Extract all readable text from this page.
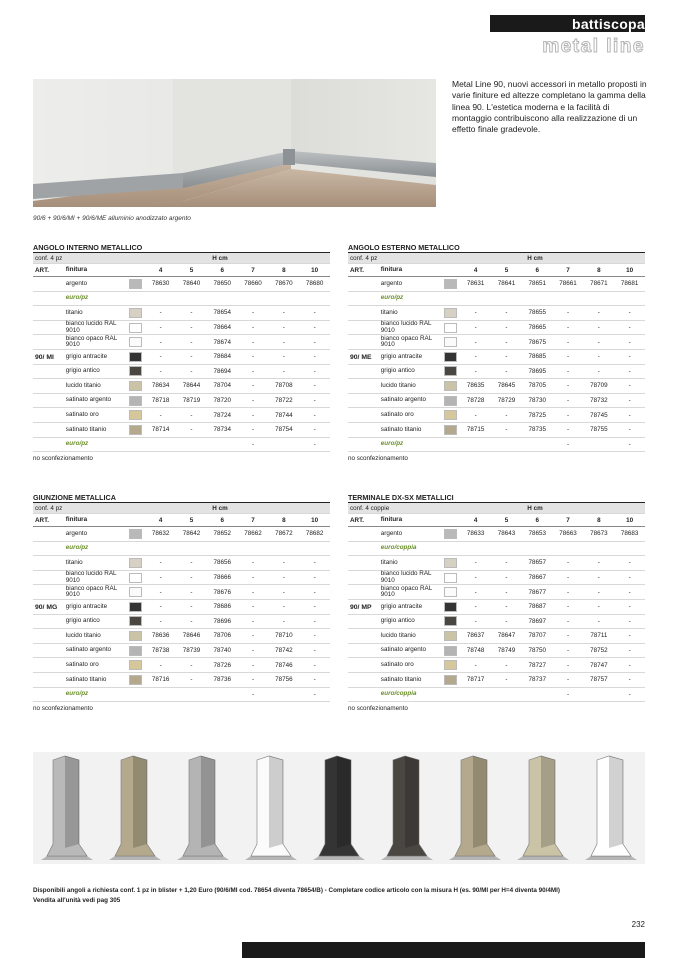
battiscopa
metal line
90/6 + 90/6/MI + 90/6/ME alluminio anodizzato argento
Metal Line 90, nuovi accessori in metallo proposti in varie finiture ed altezze completano la gamma della linea 90. L'estetica moderna e la facilità di montaggio contribuiscono alla realizzazione di un effetto finale gradevole.
ANGOLO INTERNO METALLICO
conf. 4 pz	H cm
ART.	finitura	4	5	6	7	8	10
90/ MI
argento	78630	78640	78650	78660	78670	78680
euro/pz
titanio	-	-	78654	-	-	-
bianco lucido RAL 9010	-	-	78664	-	-	-
bianco opaco RAL 9010	-	-	78674	-	-	-
grigio antracite	-	-	78684	-	-	-
grigio antico	-	-	78694	-	-	-
lucido titanio	78634	78644	78704	-	78708	-
satinato argento	78718	78719	78720	-	78722	-
satinato oro	-	-	78724	-	78744	-
satinato titanio	78714	-	78734	-	78754	-
euro/pz	-	-
no sconfezionamento
ANGOLO ESTERNO METALLICO
conf. 4 pz	H cm
ART.	finitura	4	5	6	7	8	10
90/ ME
argento	78631	78641	78651	78661	78671	78681
euro/pz
titanio	-	-	78655	-	-	-
bianco lucido RAL 9010	-	-	78665	-	-	-
bianco opaco RAL 9010	-	-	78675	-	-	-
grigio antracite	-	-	78685	-	-	-
grigio antico	-	-	78695	-	-	-
lucido titanio	78635	78645	78705	-	78709	-
satinato argento	78728	78729	78730	-	78732	-
satinato oro	-	-	78725	-	78745	-
satinato titanio	78715	-	78735	-	78755	-
euro/pz	-	-
no sconfezionamento
GIUNZIONE METALLICA
conf. 4 pz	H cm
ART.	finitura	4	5	6	7	8	10
90/ MG
argento	78632	78642	78652	78662	78672	78682
euro/pz
titanio	-	-	78656	-	-	-
bianco lucido RAL 9010	-	-	78666	-	-	-
bianco opaco RAL 9010	-	-	78676	-	-	-
grigio antracite	-	-	78686	-	-	-
grigio antico	-	-	78696	-	-	-
lucido titanio	78636	78646	78706	-	78710	-
satinato argento	78738	78739	78740	-	78742	-
satinato oro	-	-	78726	-	78746	-
satinato titanio	78716	-	78736	-	78756	-
euro/pz	-	-
no sconfezionamento
TERMINALE DX-SX METALLICI
conf. 4 coppie	H cm
ART.	finitura	4	5	6	7	8	10
90/ MP
argento	78633	78643	78653	78663	78673	78683
euro/coppia
titanio	-	-	78657	-	-	-
bianco lucido RAL 9010	-	-	78667	-	-	-
bianco opaco RAL 9010	-	-	78677	-	-	-
grigio antracite	-	-	78687	-	-	-
grigio antico	-	-	78697	-	-	-
lucido titanio	78637	78647	78707	-	78711	-
satinato argento	78748	78749	78750	-	78752	-
satinato oro	-	-	78727	-	78747	-
satinato titanio	78717	-	78737	-	78757	-
euro/coppia	-	-
no sconfezionamento
Disponibili angoli a richiesta conf. 1 pz in blister + 1,20 Euro (90/6/MI cod. 78654 diventa 78654/B) - Completare codice articolo con la misura H (es. 90/MI per H=4 diventa 90/4MI)
Vendita all'unità vedi pag 305
232
